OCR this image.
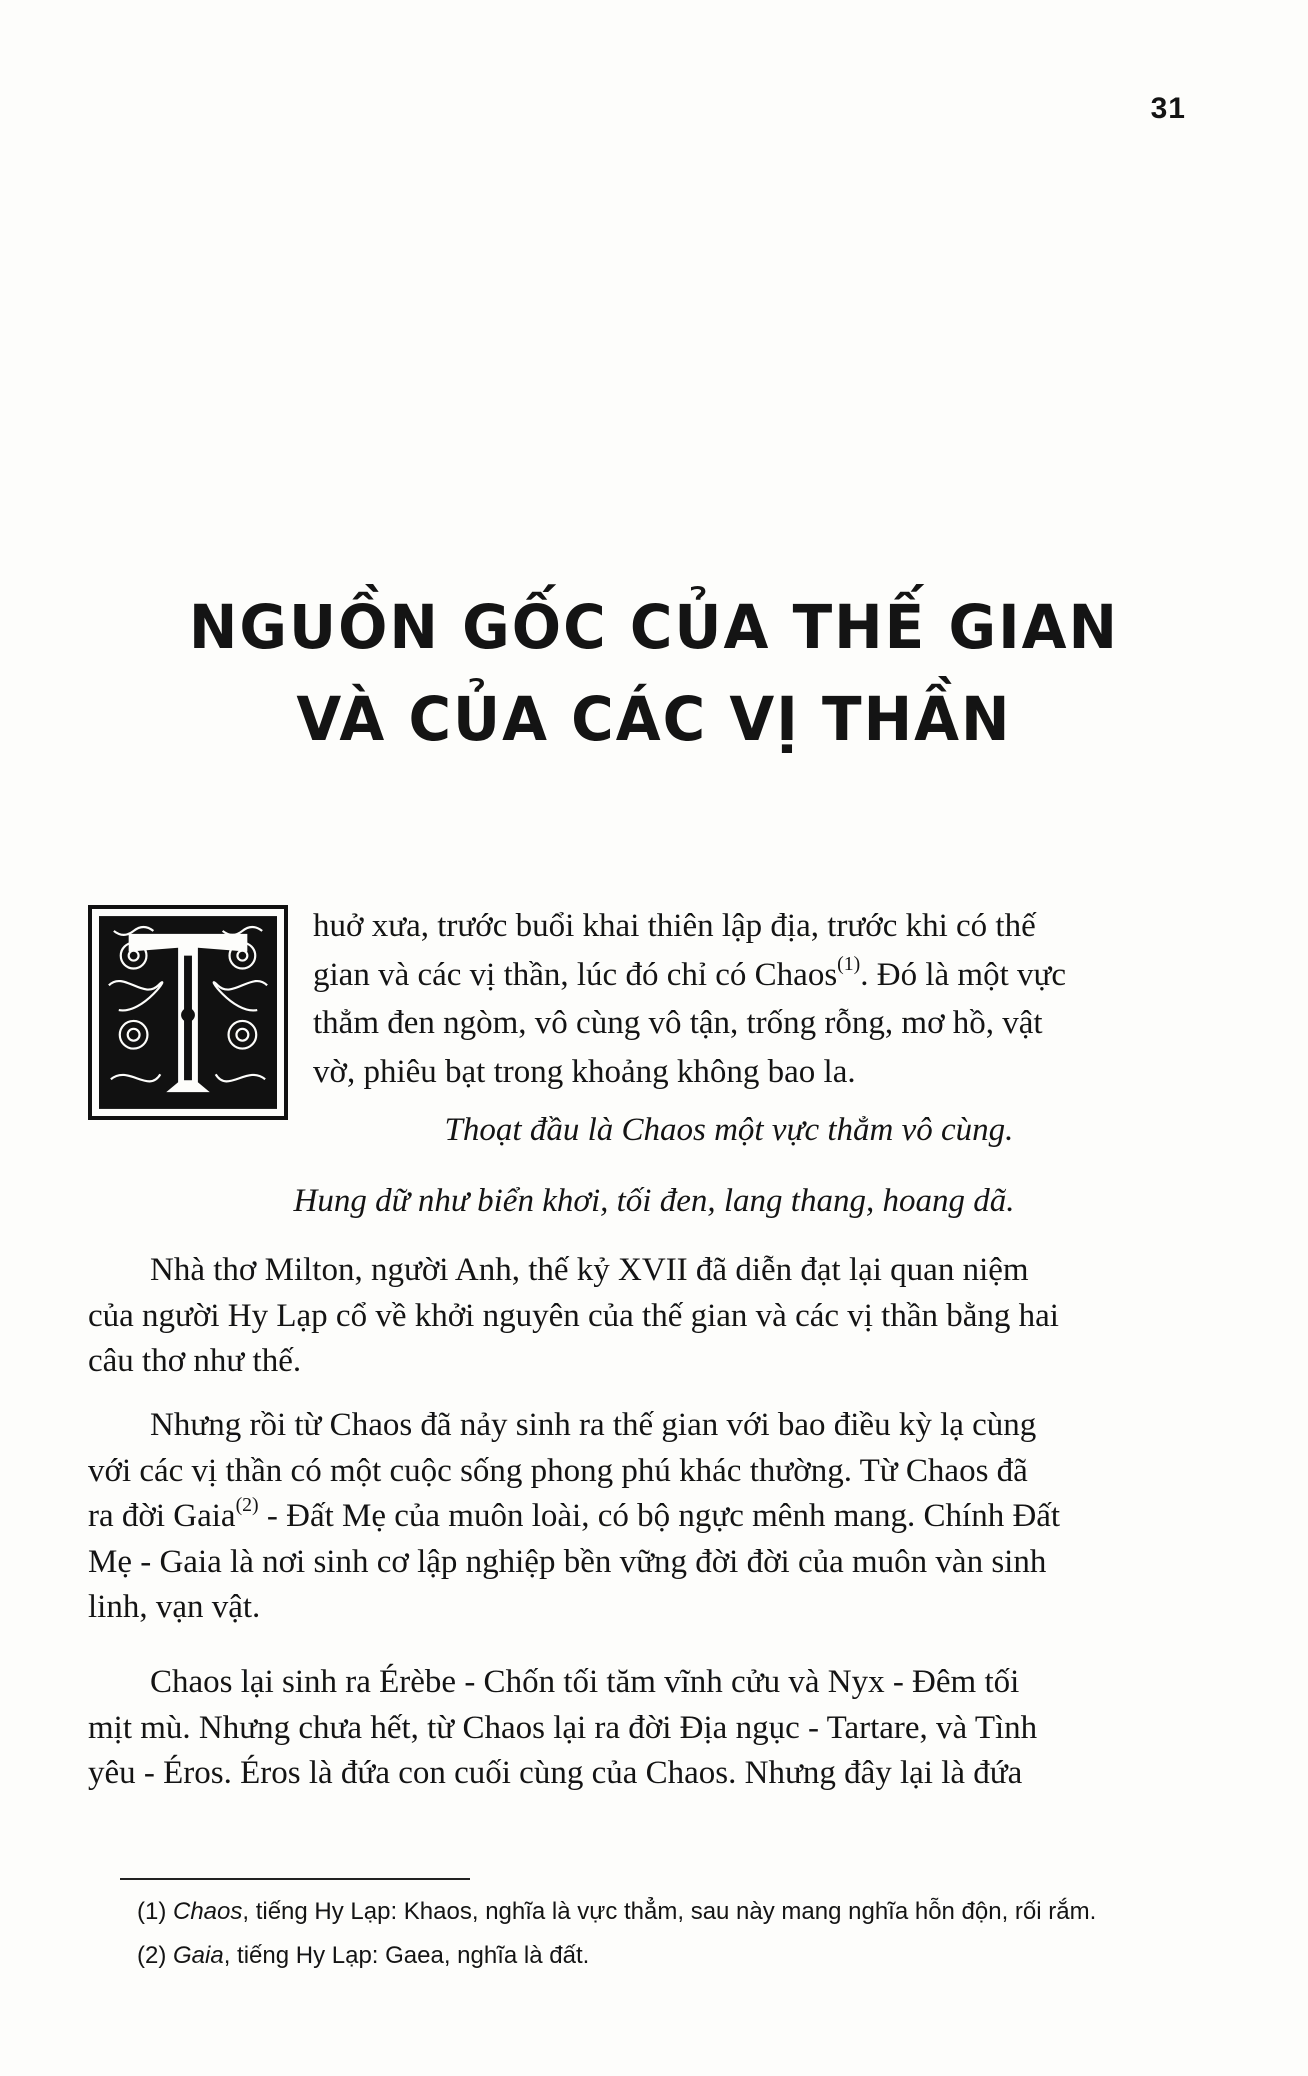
31
NGUỒN GỐC CỦA THẾ GIAN
VÀ CỦA CÁC VỊ THẦN
huở xưa, trước buổi khai thiên lập địa, trước khi có thế
gian và các vị thần, lúc đó chỉ có Chaos$^{(1)}$. Đó là một vực
thẳm đen ngòm, vô cùng vô tận, trống rỗng, mơ hồ, vật
vờ, phiêu bạt trong khoảng không bao la.
Thoạt đầu là Chaos một vực thẳm vô cùng.
Hung dữ như biển khơi, tối đen, lang thang, hoang dã.

Nhà thơ Milton, người Anh, thế kỷ XVII đã diễn đạt lại quan niệm
của người Hy Lạp cổ về khởi nguyên của thế gian và các vị thần bằng hai
câu thơ như thế.

Nhưng rồi từ Chaos đã nảy sinh ra thế gian với bao điều kỳ lạ cùng
với các vị thần có một cuộc sống phong phú khác thường. Từ Chaos đã
ra đời Gaia$^{(2)}$ - Đất Mẹ của muôn loài, có bộ ngực mênh mang. Chính Đất
Mẹ - Gaia là nơi sinh cơ lập nghiệp bền vững đời đời của muôn vàn sinh
linh, vạn vật.

Chaos lại sinh ra Érèbe - Chốn tối tăm vĩnh cửu và Nyx - Đêm tối
mịt mù. Nhưng chưa hết, từ Chaos lại ra đời Địa ngục - Tartare, và Tình
yêu - Éros. Éros là đứa con cuối cùng của Chaos. Nhưng đây lại là đứa

(1) Chaos, tiếng Hy Lạp: Khaos, nghĩa là vực thẳm, sau này mang nghĩa hỗn độn, rối rắm.
(2) Gaia, tiếng Hy Lạp: Gaea, nghĩa là đất.
